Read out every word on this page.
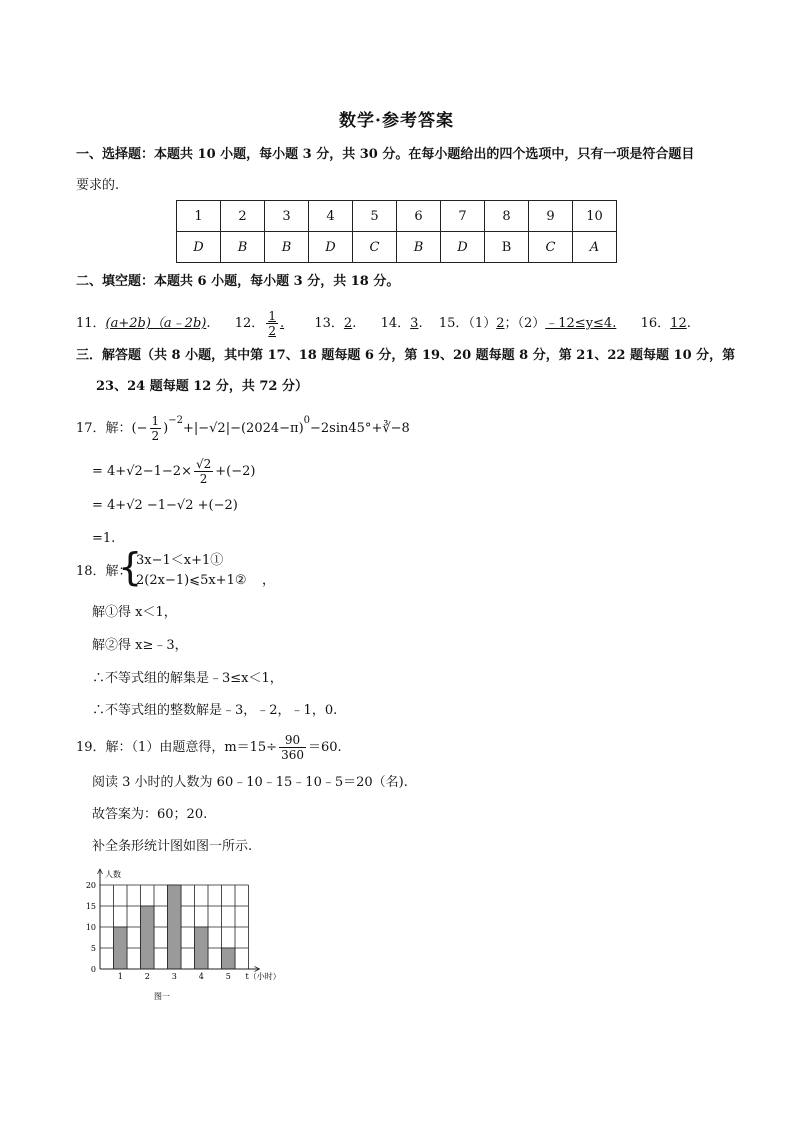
数学·参考答案
一、选择题：本题共 10 小题，每小题 3 分，共 30 分。在每小题给出的四个选项中，只有一项是符合题目
要求的.
1	2	3	4	5	6	7	8	9	10
D	B	B	D	C	B	D	B	C	A
二、填空题：本题共 6 小题，每小题 3 分，共 18 分。
11．(a+2b)（a﹣2b). 12． $\frac{1}{2}$ . 13．2. 14．3. 15．（1）2；（2）﹣12≤y≤4. 16．12.
三．解答题（共 8 小题，其中第 17、18 题每题 6 分，第 19、20 题每题 8 分，第 21、22 题每题 10 分，第
23、24 题每题 12 分，共 72 分）
17．解：(− $\frac{1}{2}$ )$^{-2}+|-√2|-(2024-\pi)^0-2\sin 45^\circ+∛-8$
= $4+√2-1-2\times \frac{√2}{2} +(-2)$
= 4+√2 −1−√2 +(−2)
=1.
18．解：
{
3x−1＜x+1①
2(2x−1)⩽5x+1② ，
解①得 x＜1，
解②得 x≥﹣3，
∴不等式组的解集是﹣3≤x＜1，
∴不等式组的整数解是﹣3，﹣2，﹣1，0.
19．解：（1）由题意得，$m=15\div \frac{90}{360} =60$.
阅读 3 小时的人数为 60﹣10﹣15﹣10﹣5＝20（名).
故答案为：60；20.
补全条形统计图如图一所示.
0
5
10
15
20
1	2	3	4	5
人数
t（小时）
图一
